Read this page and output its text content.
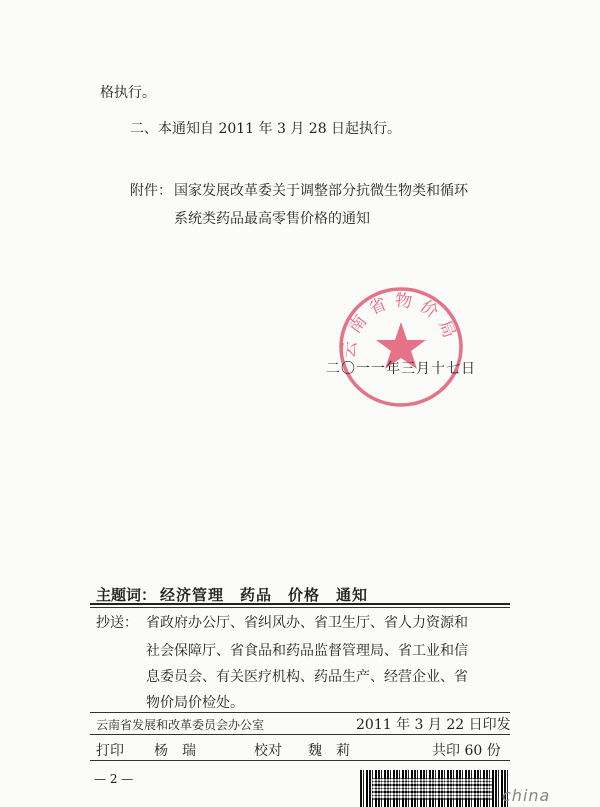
格执行。
二、本通知自 2011 年 3 月 28 日起执行。
附件： 国家发展改革委关于调整部分抗微生物类和循环
系统类药品最高零售价格的通知
云南省物价局
二〇一一年三月十七日
主题词： 经济管理　药品　价格　通知
抄送： 省政府办公厅、省纠风办、省卫生厅、省人力资源和
社会保障厅、省食品和药品监督管理局、省工业和信
息委员会、有关医疗机构、药品生产、经营企业、省
物价局价检处。
云南省发展和改革委员会办公室	2011 年 3 月 22 日印发
打印 杨　瑞	校对 魏　莉	共印 60 份
— 2 —
china
